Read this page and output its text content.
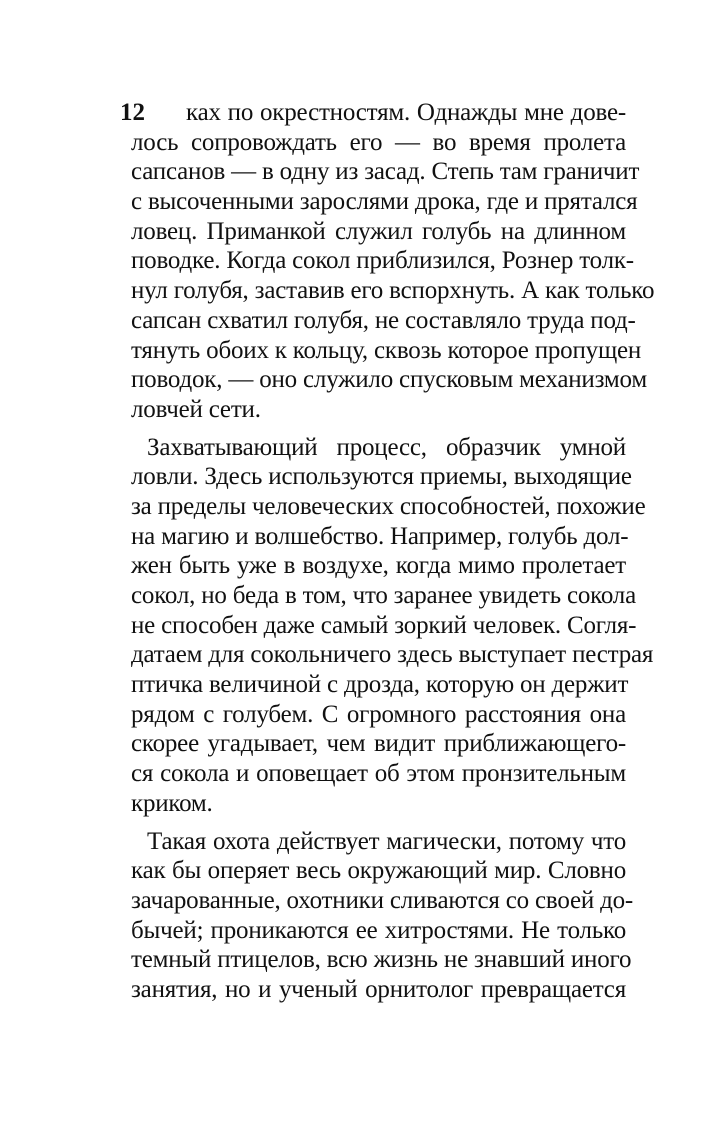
12 ках по окрестностям. Однажды мне дове-
лось сопровождать его — во время пролета
сапсанов — в одну из засад. Степь там граничит
с высоченными зарослями дрока, где и прятался
ловец. Приманкой служил голубь на длинном
поводке. Когда сокол приблизился, Рознер толк-
нул голубя, заставив его вспорхнуть. А как только
сапсан схватил голубя, не составляло труда под-
тянуть обоих к кольцу, сквозь которое пропущен
поводок, — оно служило спусковым механизмом
ловчей сети.
Захватывающий процесс, образчик умной
ловли. Здесь используются приемы, выходящие
за пределы человеческих способностей, похожие
на магию и волшебство. Например, голубь дол-
жен быть уже в воздухе, когда мимо пролетает
сокол, но беда в том, что заранее увидеть сокола
не способен даже самый зоркий человек. Согля-
датаем для сокольничего здесь выступает пестрая
птичка величиной с дрозда, которую он держит
рядом с голубем. С огромного расстояния она
скорее угадывает, чем видит приближающего-
ся сокола и оповещает об этом пронзительным
криком.
Такая охота действует магически, потому что
как бы оперяет весь окружающий мир. Словно
зачарованные, охотники сливаются со своей до-
бычей; проникаются ее хитростями. Не только
темный птицелов, всю жизнь не знавший иного
занятия, но и ученый орнитолог превращается
